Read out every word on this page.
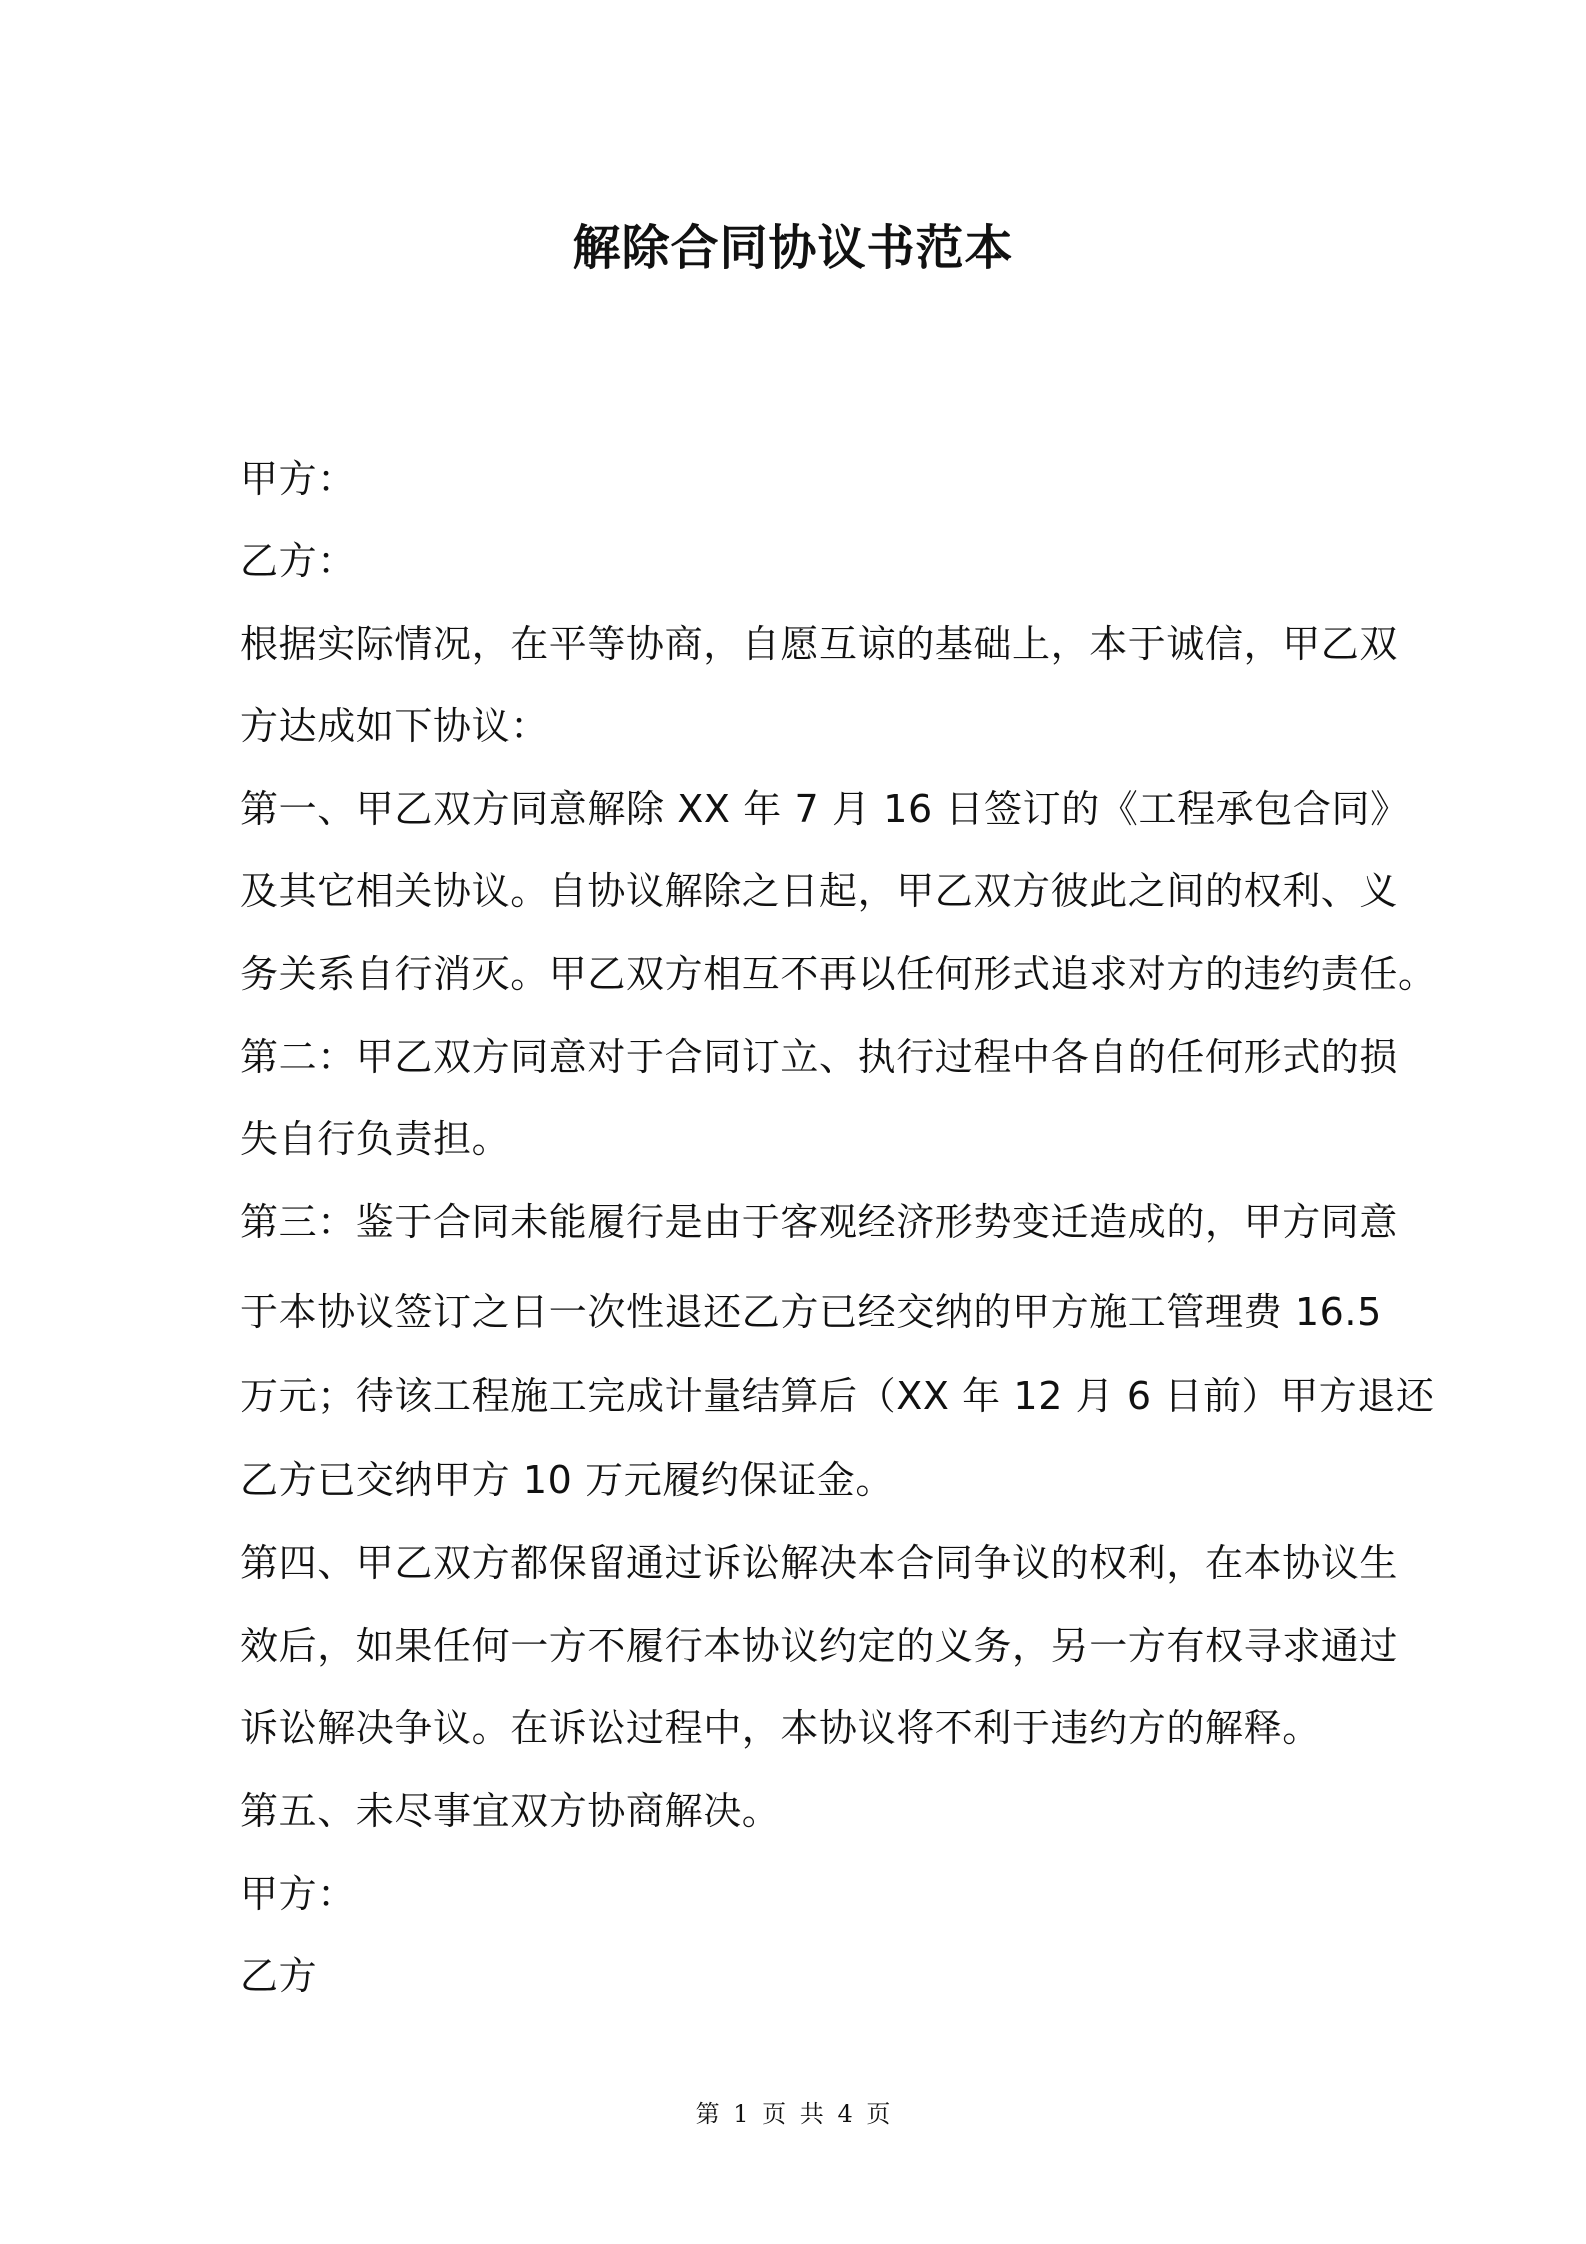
解除合同协议书范本
甲方：
乙方：
根据实际情况，在平等协商，自愿互谅的基础上，本于诚信，甲乙双
方达成如下协议：
第一、甲乙双方同意解除 XX 年 7 月 16 日签订的《工程承包合同》
及其它相关协议。自协议解除之日起，甲乙双方彼此之间的权利、义
务关系自行消灭。甲乙双方相互不再以任何形式追求对方的违约责任。
第二：甲乙双方同意对于合同订立、执行过程中各自的任何形式的损
失自行负责担。
第三：鉴于合同未能履行是由于客观经济形势变迁造成的，甲方同意
于本协议签订之日一次性退还乙方已经交纳的甲方施工管理费 16.5
万元；待该工程施工完成计量结算后（XX 年 12 月 6 日前）甲方退还
乙方已交纳甲方 10 万元履约保证金。
第四、甲乙双方都保留通过诉讼解决本合同争议的权利，在本协议生
效后，如果任何一方不履行本协议约定的义务，另一方有权寻求通过
诉讼解决争议。在诉讼过程中，本协议将不利于违约方的解释。
第五、未尽事宜双方协商解决。
甲方：
乙方
第 1 页 共 4 页
